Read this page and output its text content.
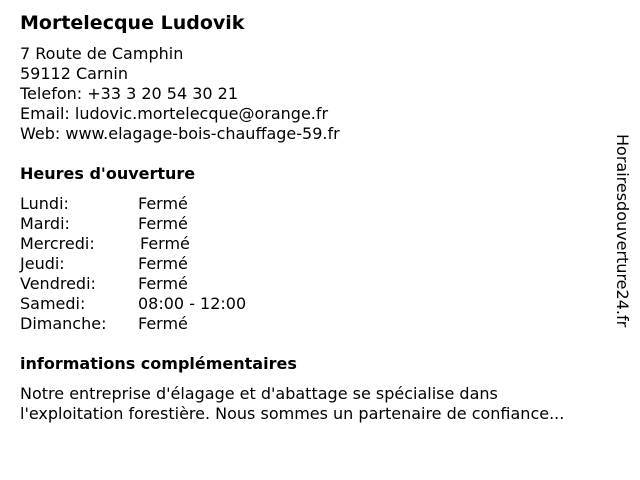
Mortelecque Ludovik
7 Route de Camphin
59112 Carnin
Telefon: +33 3 20 54 30 21
Email: ludovic.mortelecque@orange.fr
Web: www.elagage-bois-chauffage-59.fr
Heures d'ouverture
Lundi:	Fermé
Mardi:	Fermé
Mercredi:	Fermé
Jeudi:	Fermé
Vendredi:	Fermé
Samedi:	08:00 - 12:00
Dimanche: Fermé
informations complémentaires
Notre entreprise d'élagage et d'abattage se spécialise dans
l'exploitation forestière. Nous sommes un partenaire de confiance...
Horairesdouverture24.fr
